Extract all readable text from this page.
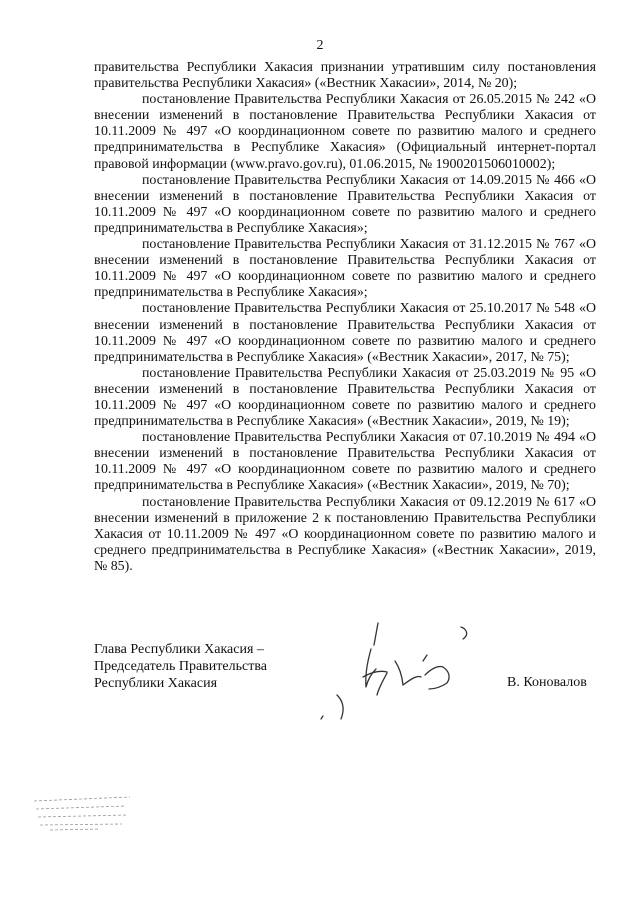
2

правительства Республики Хакасия признании утратившим силу постановления правительства Республики Хакасия» («Вестник Хакасии», 2014, № 20);

постановление Правительства Республики Хакасия от 26.05.2015 № 242 «О внесении изменений в постановление Правительства Республики Хакасия от 10.11.2009 № 497 «О координационном совете по развитию малого и среднего предпринимательства в Республике Хакасия» (Официальный интернет-портал правовой информации (www.pravo.gov.ru), 01.06.2015, № 1900201506010002);

постановление Правительства Республики Хакасия от 14.09.2015 № 466 «О внесении изменений в постановление Правительства Республики Хакасия от 10.11.2009 № 497 «О координационном совете по развитию малого и среднего предпринимательства в Республике Хакасия»;

постановление Правительства Республики Хакасия от 31.12.2015 № 767 «О внесении изменений в постановление Правительства Республики Хакасия от 10.11.2009 № 497 «О координационном совете по развитию малого и среднего предпринимательства в Республике Хакасия»;

постановление Правительства Республики Хакасия от 25.10.2017 № 548 «О внесении изменений в постановление Правительства Республики Хакасия от 10.11.2009 № 497 «О координационном совете по развитию малого и среднего предпринимательства в Республике Хакасия» («Вестник Хакасии», 2017, № 75);

постановление Правительства Республики Хакасия от 25.03.2019 № 95 «О внесении изменений в постановление Правительства Республики Хакасия от 10.11.2009 № 497 «О координационном совете по развитию малого и среднего предпринимательства в Республике Хакасия» («Вестник Хакасии», 2019, № 19);

постановление Правительства Республики Хакасия от 07.10.2019 № 494 «О внесении изменений в постановление Правительства Республики Хакасия от 10.11.2009 № 497 «О координационном совете по развитию малого и среднего предпринимательства в Республике Хакасия» («Вестник Хакасии», 2019, № 70);

постановление Правительства Республики Хакасия от 09.12.2019 № 617 «О внесении изменений в приложение 2 к постановлению Правительства Республики Хакасия от 10.11.2009 № 497 «О координационном совете по развитию малого и среднего предпринимательства в Республике Хакасия» («Вестник Хакасии», 2019, № 85).

Глава Республики Хакасия –
Председатель Правительства
Республики Хакасия	В. Коновалов
